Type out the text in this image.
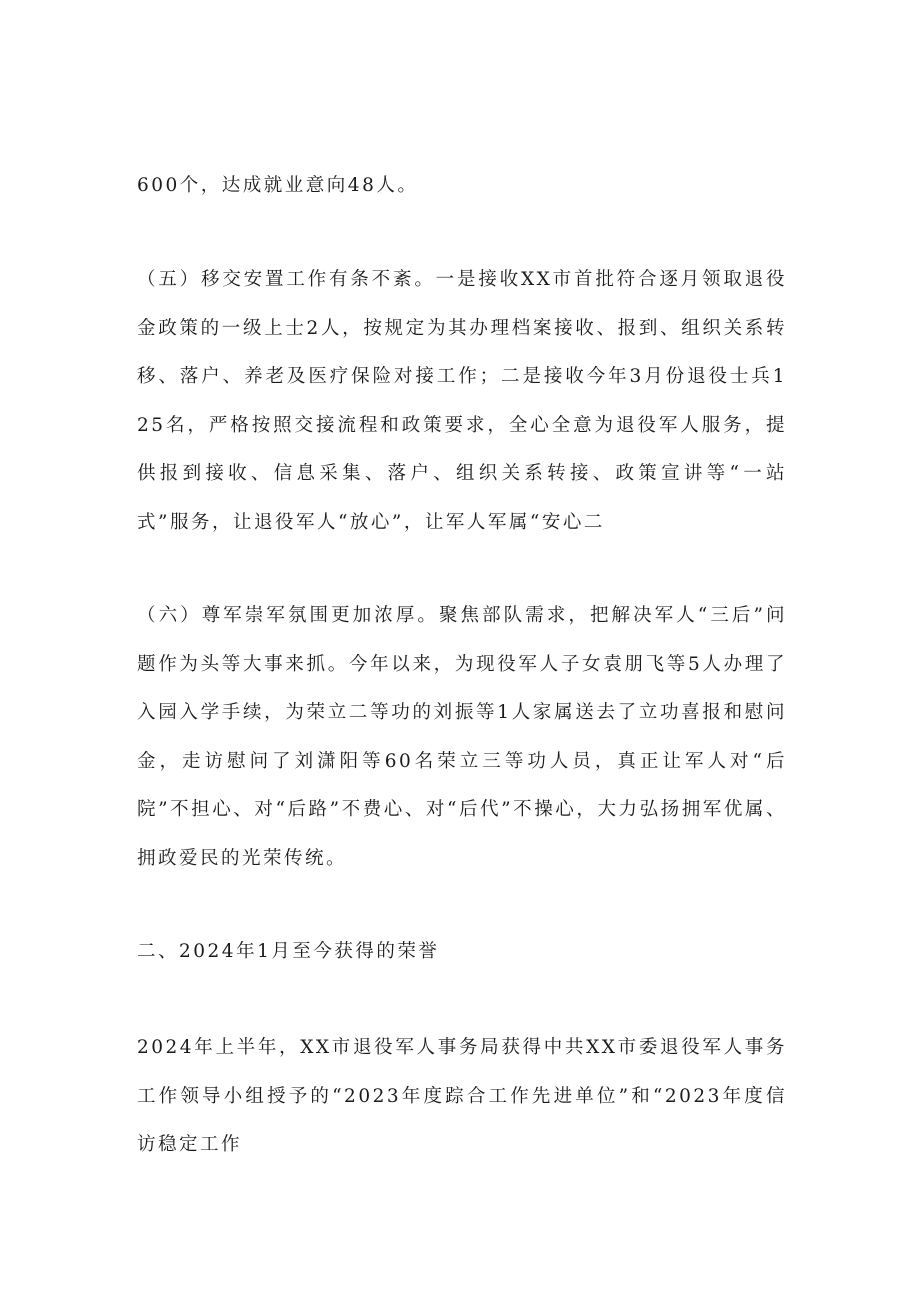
600个，达成就业意向48人。

（五）移交安置工作有条不紊。一是接收XX市首批符合逐月领取退役金政策的一级上士2人，按规定为其办理档案接收、报到、组织关系转移、落户、养老及医疗保险对接工作；二是接收今年3月份退役士兵125名，严格按照交接流程和政策要求，全心全意为退役军人服务，提供报到接收、信息采集、落户、组织关系转接、政策宣讲等“一站式”服务，让退役军人“放心”，让军人军属“安心二

（六）尊军崇军氛围更加浓厚。聚焦部队需求，把解决军人“三后”问题作为头等大事来抓。今年以来，为现役军人子女袁朋飞等5人办理了入园入学手续，为荣立二等功的刘振等1人家属送去了立功喜报和慰问金，走访慰问了刘潇阳等60名荣立三等功人员，真正让军人对“后院”不担心、对“后路”不费心、对“后代”不操心，大力弘扬拥军优属、拥政爱民的光荣传统。

二、2024年1月至今获得的荣誉

2024年上半年，XX市退役军人事务局获得中共XX市委退役军人事务工作领导小组授予的“2023年度踪合工作先进单位”和“2023年度信访稳定工作
